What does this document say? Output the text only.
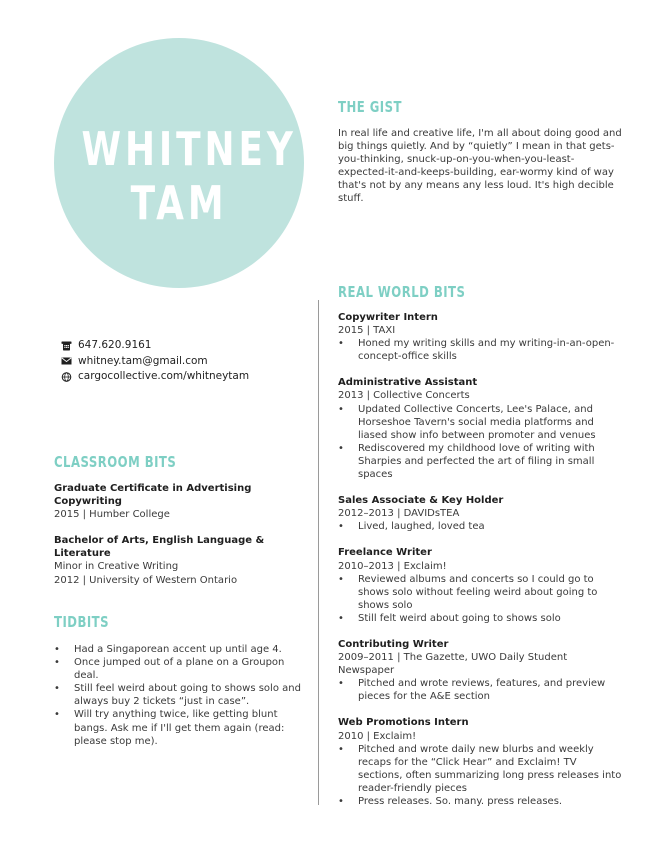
WHITNEY
TAM
647.620.9161
whitney.tam@gmail.com
cargocollective.com/whitneytam
THE GIST
In real life and creative life, I'm all about doing good and big things quietly. And by “quietly” I mean in that gets-you-thinking, snuck-up-on-you-when-you-least-expected-it-and-keeps-building, ear-wormy kind of way that's not by any means any less loud. It's high decible stuff.
CLASSROOM BITS
Graduate Certificate in Advertising Copywriting
2015 | Humber College
Bachelor of Arts, English Language & Literature
Minor in Creative Writing
2012 | University of Western Ontario
TIDBITS
• Had a Singaporean accent up until age 4.
• Once jumped out of a plane on a Groupon deal.
• Still feel weird about going to shows solo and always buy 2 tickets “just in case”.
• Will try anything twice, like getting blunt bangs. Ask me if I'll get them again (read: please stop me).
REAL WORLD BITS
Copywriter Intern
2015 | TAXI
• Honed my writing skills and my writing-in-an-open-concept-office skills
Administrative Assistant
2013 | Collective Concerts
• Updated Collective Concerts, Lee's Palace, and Horseshoe Tavern's social media platforms and liased show info between promoter and venues
• Rediscovered my childhood love of writing with Sharpies and perfected the art of filing in small spaces
Sales Associate & Key Holder
2012–2013 | DAVIDsTEA
• Lived, laughed, loved tea
Freelance Writer
2010–2013 | Exclaim!
• Reviewed albums and concerts so I could go to shows solo without feeling weird about going to shows solo
• Still felt weird about going to shows solo
Contributing Writer
2009–2011 | The Gazette, UWO Daily Student Newspaper
• Pitched and wrote reviews, features, and preview pieces for the A&E section
Web Promotions Intern
2010 | Exclaim!
• Pitched and wrote daily new blurbs and weekly recaps for the “Click Hear” and Exclaim! TV sections, often summarizing long press releases into reader-friendly pieces
• Press releases. So. many. press releases.
